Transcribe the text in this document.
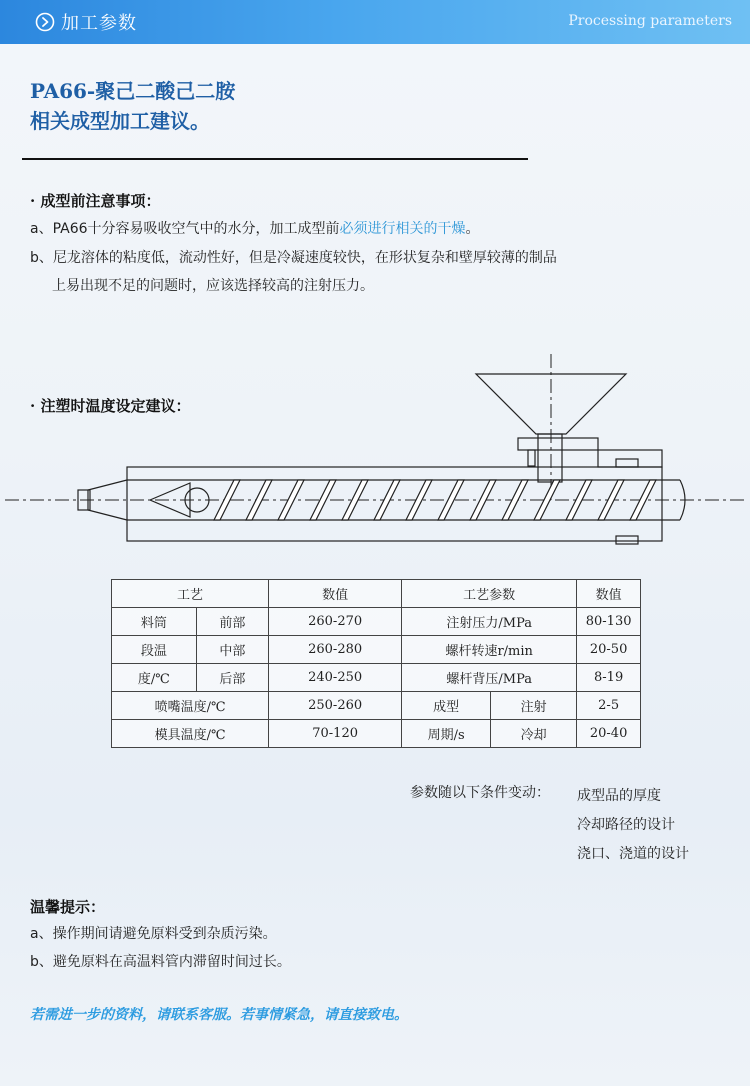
加工参数	Processing parameters
PA66-聚己二酸己二胺
相关成型加工建议。
· 成型前注意事项：
a、PA66十分容易吸收空气中的水分，加工成型前必须进行相关的干燥。
b、尼龙溶体的粘度低，流动性好，但是冷凝速度较快，在形状复杂和壁厚较薄的制品
上易出现不足的问题时，应该选择较高的注射压力。
· 注塑时温度设定建议：
工艺		数值	工艺参数		数值
料筒	前部	260-270	注射压力/MPa		80-130
段温	中部	260-280	螺杆转速r/min		20-50
度/℃	后部	240-250	螺杆背压/MPa		8-19
喷嘴温度/℃		250-260	成型	注射	2-5
模具温度/℃		70-120	周期/s	冷却	20-40
参数随以下条件变动： 成型品的厚度
冷却路径的设计
浇口、浇道的设计
温馨提示：
a、操作期间请避免原料受到杂质污染。
b、避免原料在高温料管内滞留时间过长。
若需进一步的资料，请联系客服。若事情紧急，请直接致电。
